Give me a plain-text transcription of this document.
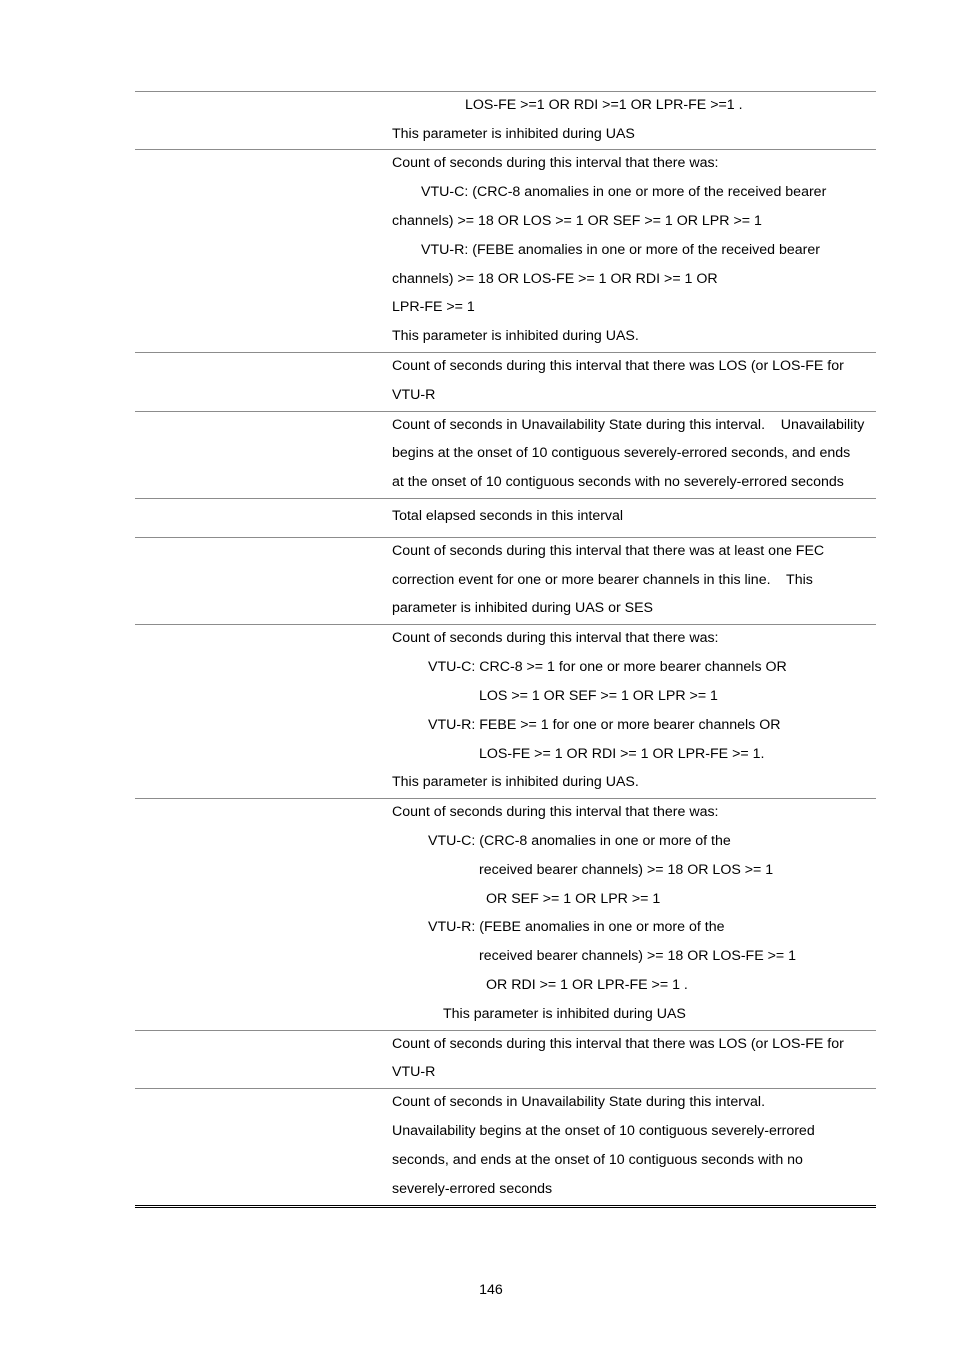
LOS-FE >=1 OR RDI >=1 OR LPR-FE >=1 .
This parameter is inhibited during UAS
Count of seconds during this interval that there was:
VTU-C: (CRC-8 anomalies in one or more of the received bearer
channels) >= 18 OR LOS >= 1 OR SEF >= 1 OR LPR >= 1
VTU-R: (FEBE anomalies in one or more of the received bearer
channels) >= 18 OR LOS-FE >= 1 OR RDI >= 1 OR
LPR-FE >= 1
This parameter is inhibited during UAS.
Count of seconds during this interval that there was LOS (or LOS-FE for
VTU-R
Count of seconds in Unavailability State during this interval.    Unavailability
begins at the onset of 10 contiguous severely-errored seconds, and ends
at the onset of 10 contiguous seconds with no severely-errored seconds
Total elapsed seconds in this interval
Count of seconds during this interval that there was at least one FEC
correction event for one or more bearer channels in this line.    This
parameter is inhibited during UAS or SES
Count of seconds during this interval that there was:
VTU-C: CRC-8 >= 1 for one or more bearer channels OR
LOS >= 1 OR SEF >= 1 OR LPR >= 1
VTU-R: FEBE >= 1 for one or more bearer channels OR
LOS-FE >= 1 OR RDI >= 1 OR LPR-FE >= 1.
This parameter is inhibited during UAS.
Count of seconds during this interval that there was:
VTU-C: (CRC-8 anomalies in one or more of the
received bearer channels) >= 18 OR LOS >= 1
OR SEF >= 1 OR LPR >= 1
VTU-R: (FEBE anomalies in one or more of the
received bearer channels) >= 18 OR LOS-FE >= 1
OR RDI >= 1 OR LPR-FE >= 1 .
This parameter is inhibited during UAS
Count of seconds during this interval that there was LOS (or LOS-FE for
VTU-R
Count of seconds in Unavailability State during this interval.
Unavailability begins at the onset of 10 contiguous severely-errored
seconds, and ends at the onset of 10 contiguous seconds with no
severely-errored seconds
146
